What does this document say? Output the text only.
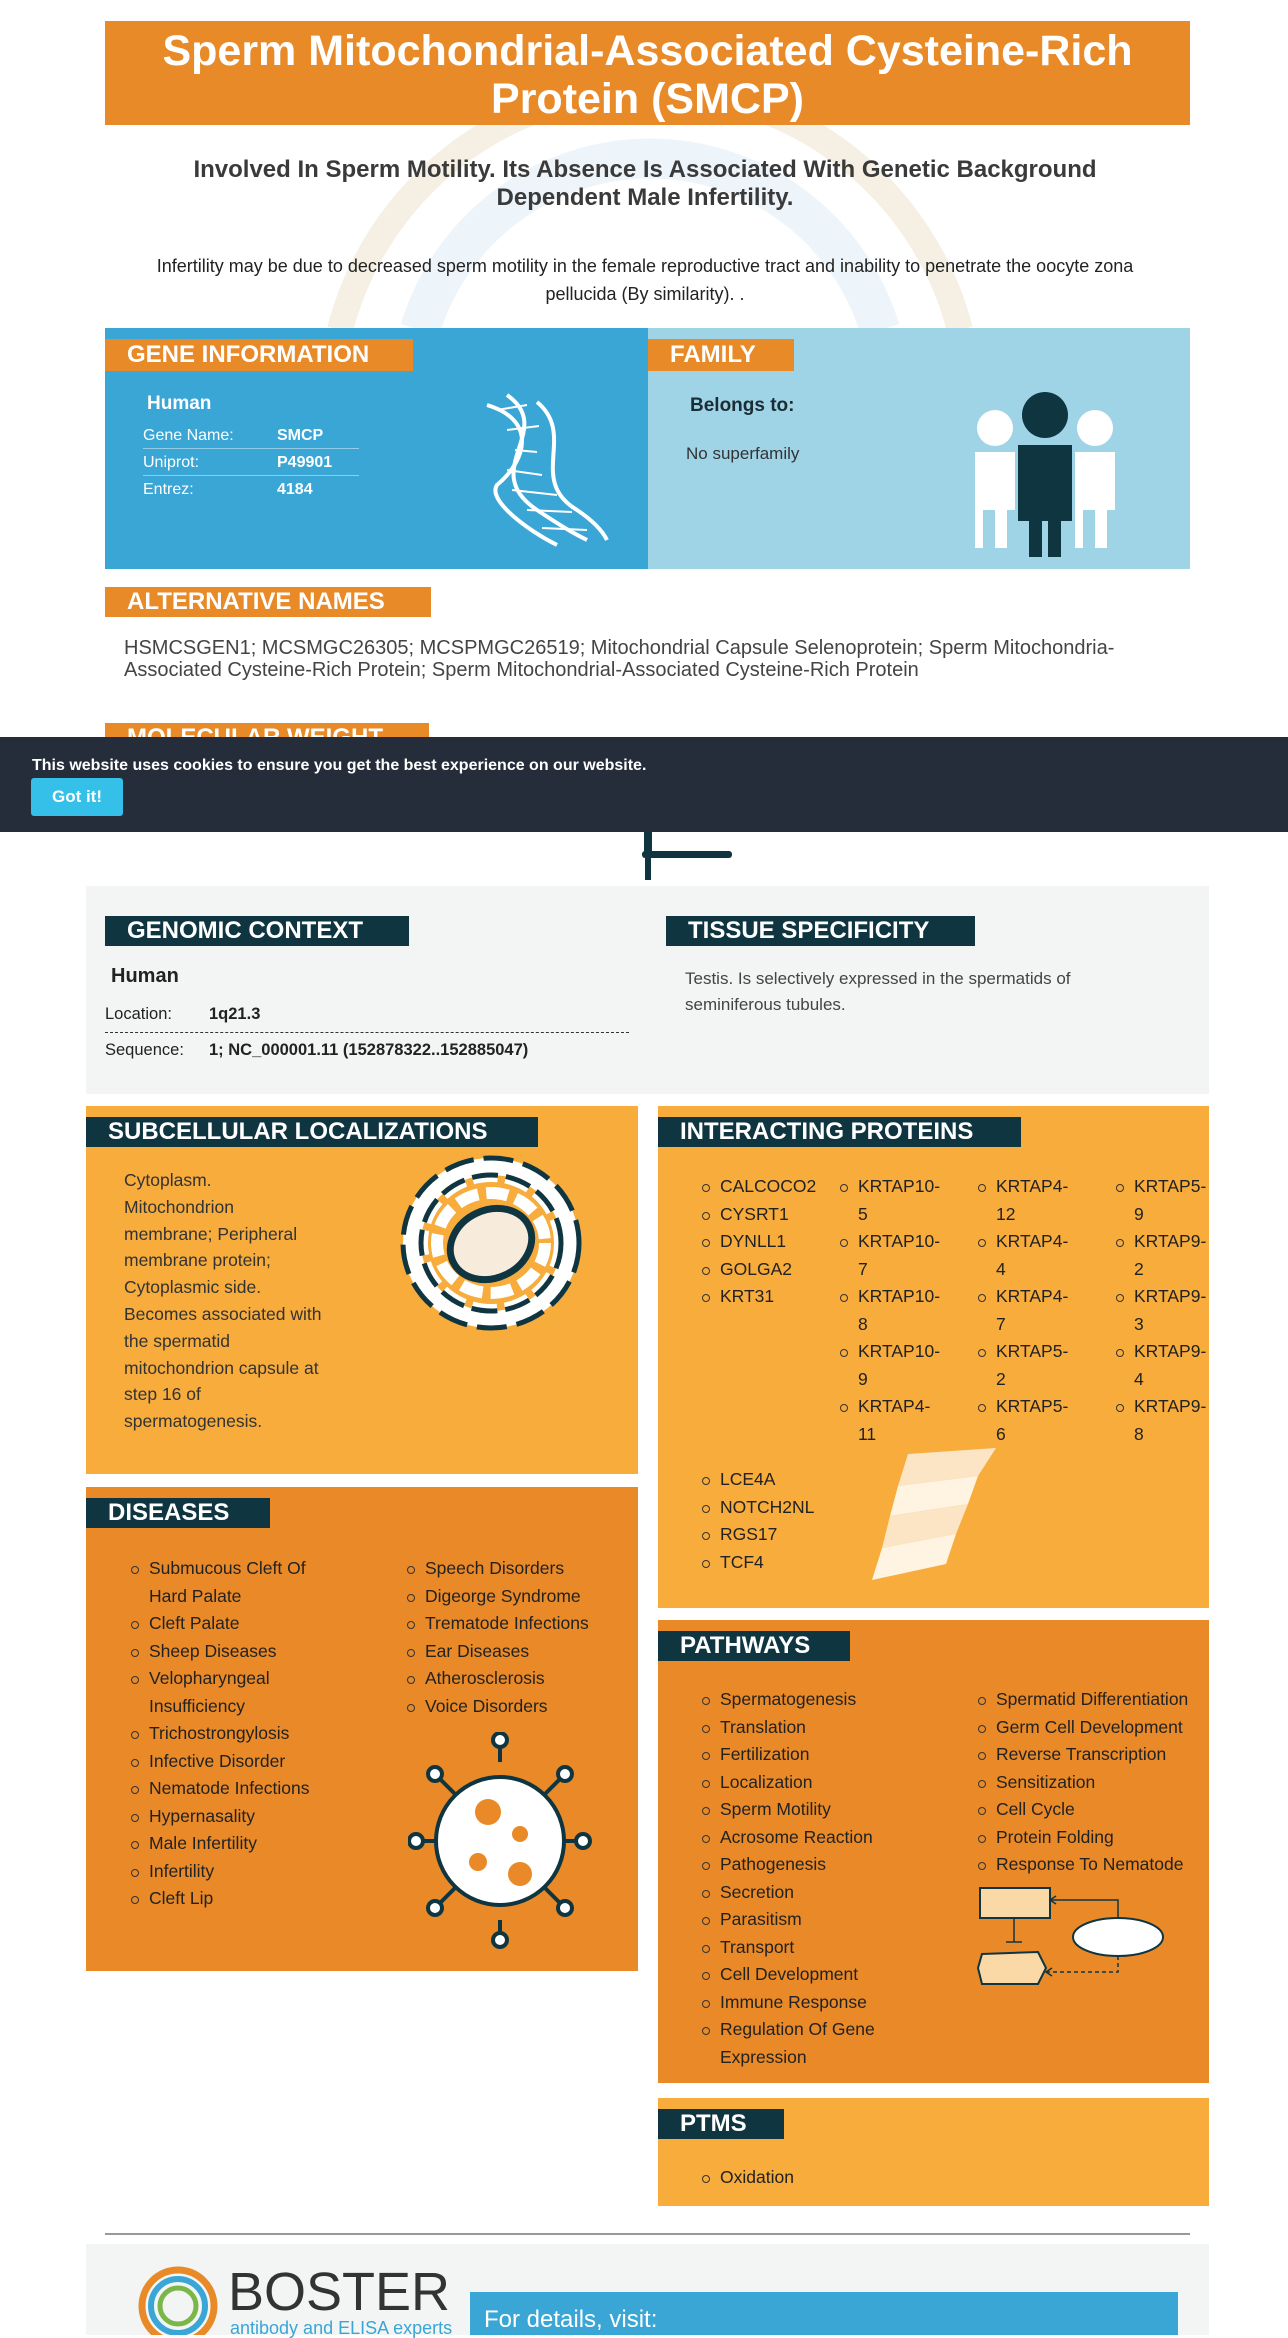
Sperm Mitochondrial-Associated Cysteine-Rich Protein (SMCP)
Involved In Sperm Motility. Its Absence Is Associated With Genetic Background Dependent Male Infertility.
Infertility may be due to decreased sperm motility in the female reproductive tract and inability to penetrate the oocyte zona pellucida (By similarity). .
GENE INFORMATION
Human
Gene Name:	SMCP
Uniprot:	P49901
Entrez:	4184
FAMILY
Belongs to:
No superfamily
ALTERNATIVE NAMES
HSMCSGEN1; MCSMGC26305; MCSPMGC26519; Mitochondrial Capsule Selenoprotein; Sperm Mitochondria-Associated Cysteine-Rich Protein; Sperm Mitochondrial-Associated Cysteine-Rich Protein
This website uses cookies to ensure you get the best experience on our website.
Got it!
GENOMIC CONTEXT
Human
Location: 1q21.3
Sequence: 1; NC_000001.11 (152878322..152885047)
TISSUE SPECIFICITY
Testis. Is selectively expressed in the spermatids of seminiferous tubules.
SUBCELLULAR LOCALIZATIONS
Cytoplasm.
Mitochondrion
membrane; Peripheral
membrane protein;
Cytoplasmic side.
Becomes associated with
the spermatid
mitochondrion capsule at
step 16 of
spermatogenesis.
INTERACTING PROTEINS
CALCOCO2
CYSRT1
DYNLL1
GOLGA2
KRT31
KRTAP10-5
KRTAP10-7
KRTAP10-8
KRTAP10-9
KRTAP4-11
KRTAP4-12
KRTAP4-4
KRTAP4-7
KRTAP5-2
KRTAP5-6
KRTAP5-9
KRTAP9-2
KRTAP9-3
KRTAP9-4
KRTAP9-8
LCE4A
NOTCH2NL
RGS17
TCF4
DISEASES
Submucous Cleft Of Hard Palate
Cleft Palate
Sheep Diseases
Velopharyngeal Insufficiency
Trichostrongylosis
Infective Disorder
Nematode Infections
Hypernasality
Male Infertility
Infertility
Cleft Lip
Speech Disorders
Digeorge Syndrome
Trematode Infections
Ear Diseases
Atherosclerosis
Voice Disorders
PATHWAYS
Spermatogenesis
Translation
Fertilization
Localization
Sperm Motility
Acrosome Reaction
Pathogenesis
Secretion
Parasitism
Transport
Cell Development
Immune Response
Regulation Of Gene Expression
Spermatid Differentiation
Germ Cell Development
Reverse Transcription
Sensitization
Cell Cycle
Protein Folding
Response To Nematode
PTMS
Oxidation
BOSTER
antibody and ELISA experts	For details, visit:
